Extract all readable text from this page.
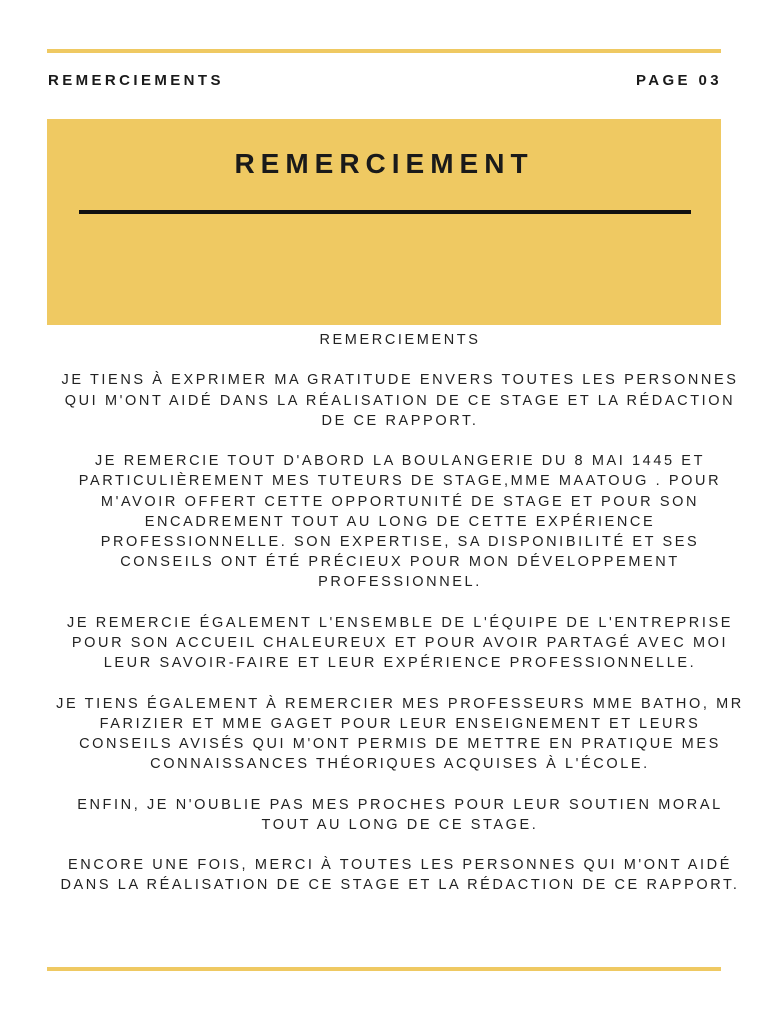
REMERCIEMENTS	PAGE 03
REMERCIEMENT

REMERCIEMENTS

JE TIENS À EXPRIMER MA GRATITUDE ENVERS TOUTES LES PERSONNES QUI M'ONT AIDÉ DANS LA RÉALISATION DE CE STAGE ET LA RÉDACTION DE CE RAPPORT.

JE REMERCIE TOUT D'ABORD LA BOULANGERIE DU 8 MAI 1445 ET PARTICULIÈREMENT MES TUTEURS DE STAGE,MME MAATOUG . POUR M'AVOIR OFFERT CETTE OPPORTUNITÉ DE STAGE ET POUR SON ENCADREMENT TOUT AU LONG DE CETTE EXPÉRIENCE PROFESSIONNELLE. SON EXPERTISE, SA DISPONIBILITÉ ET SES CONSEILS ONT ÉTÉ PRÉCIEUX POUR MON DÉVELOPPEMENT PROFESSIONNEL.

JE REMERCIE ÉGALEMENT L'ENSEMBLE DE L'ÉQUIPE DE L'ENTREPRISE POUR SON ACCUEIL CHALEUREUX ET POUR AVOIR PARTAGÉ AVEC MOI LEUR SAVOIR-FAIRE ET LEUR EXPÉRIENCE PROFESSIONNELLE.

JE TIENS ÉGALEMENT À REMERCIER MES PROFESSEURS MME BATHO, MR FARIZIER ET MME GAGET POUR LEUR ENSEIGNEMENT ET LEURS CONSEILS AVISÉS QUI M'ONT PERMIS DE METTRE EN PRATIQUE MES CONNAISSANCES THÉORIQUES ACQUISES À L'ÉCOLE.

ENFIN, JE N'OUBLIE PAS MES PROCHES POUR LEUR SOUTIEN MORAL TOUT AU LONG DE CE STAGE.

ENCORE UNE FOIS, MERCI À TOUTES LES PERSONNES QUI M'ONT AIDÉ DANS LA RÉALISATION DE CE STAGE ET LA RÉDACTION DE CE RAPPORT.
